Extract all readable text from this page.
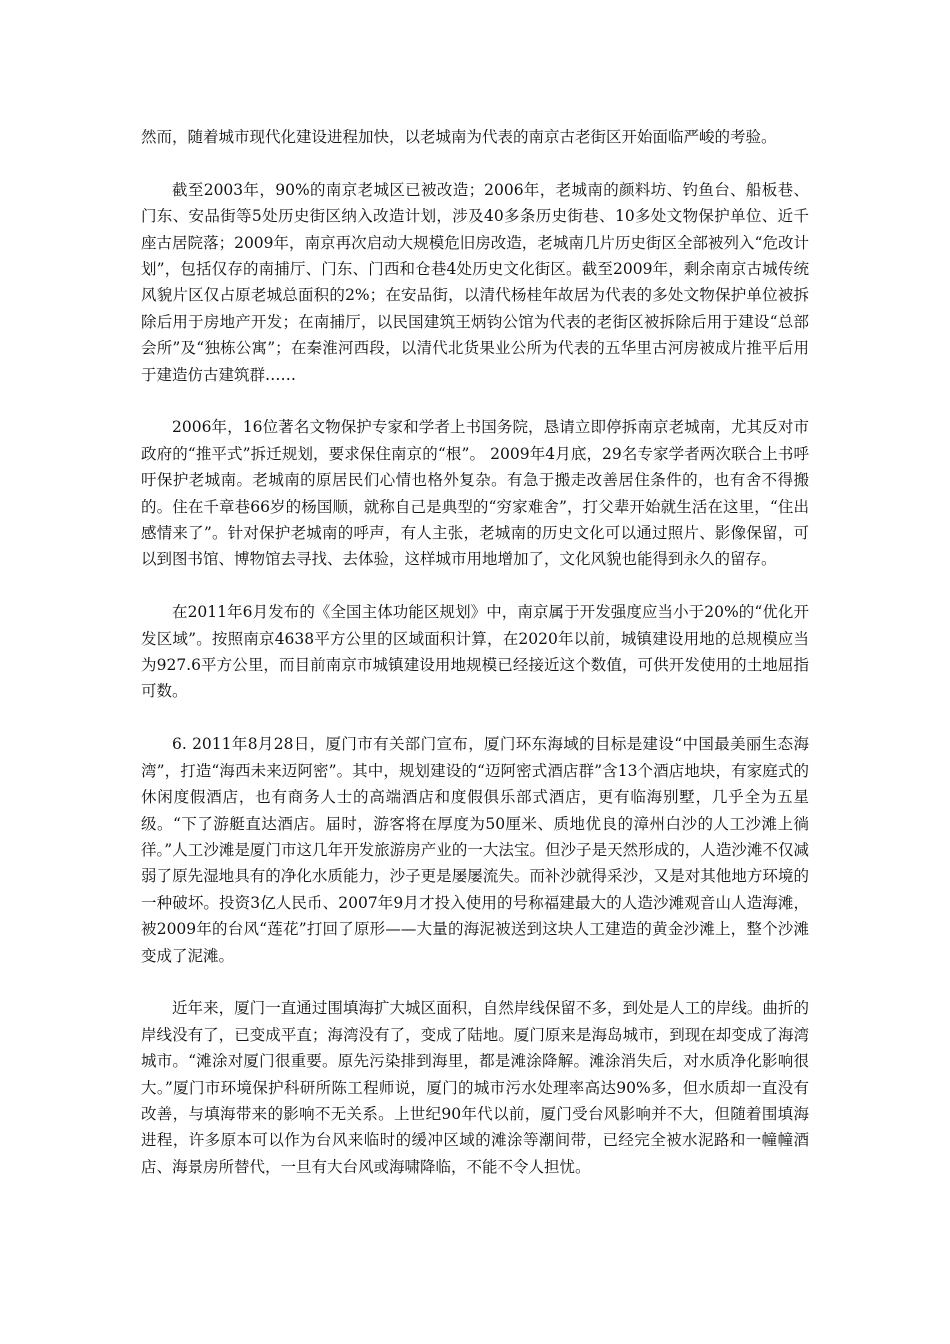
然而，随着城市现代化建设进程加快，以老城南为代表的南京古老街区开始面临严峻的考验。

截至2003年，90%的南京老城区已被改造；2006年，老城南的颜料坊、钓鱼台、船板巷、门东、安品街等5处历史街区纳入改造计划，涉及40多条历史街巷、10多处文物保护单位、近千座古居院落；2009年，南京再次启动大规模危旧房改造，老城南几片历史街区全部被列入“危改计划”，包括仅存的南捕厅、门东、门西和仓巷4处历史文化街区。截至2009年，剩余南京古城传统风貌片区仅占原老城总面积的2%；在安品街，以清代杨桂年故居为代表的多处文物保护单位被拆除后用于房地产开发；在南捕厅，以民国建筑王炳钧公馆为代表的老街区被拆除后用于建设“总部会所”及“独栋公寓”；在秦淮河西段，以清代北货果业公所为代表的五华里古河房被成片推平后用于建造仿古建筑群……

2006年，16位著名文物保护专家和学者上书国务院，恳请立即停拆南京老城南，尤其反对市政府的“推平式”拆迁规划，要求保住南京的“根”。 2009年4月底，29名专家学者两次联合上书呼吁保护老城南。老城南的原居民们心情也格外复杂。有急于搬走改善居住条件的，也有舍不得搬的。住在千章巷66岁的杨国顺，就称自己是典型的“穷家难舍”，打父辈开始就生活在这里，“住出感情来了”。针对保护老城南的呼声，有人主张，老城南的历史文化可以通过照片、影像保留，可以到图书馆、博物馆去寻找、去体验，这样城市用地增加了，文化风貌也能得到永久的留存。

在2011年6月发布的《全国主体功能区规划》中，南京属于开发强度应当小于20%的“优化开发区域”。按照南京4638平方公里的区域面积计算，在2020年以前，城镇建设用地的总规模应当为927.6平方公里，而目前南京市城镇建设用地规模已经接近这个数值，可供开发使用的土地屈指可数。

6. 2011年8月28日，厦门市有关部门宣布，厦门环东海域的目标是建设“中国最美丽生态海湾”，打造“海西未来迈阿密”。其中，规划建设的“迈阿密式酒店群”含13个酒店地块，有家庭式的休闲度假酒店，也有商务人士的高端酒店和度假俱乐部式酒店，更有临海别墅，几乎全为五星级。“下了游艇直达酒店。届时，游客将在厚度为50厘米、质地优良的漳州白沙的人工沙滩上徜徉。”人工沙滩是厦门市这几年开发旅游房产业的一大法宝。但沙子是天然形成的，人造沙滩不仅减弱了原先湿地具有的净化水质能力，沙子更是屡屡流失。而补沙就得采沙，又是对其他地方环境的一种破坏。投资3亿人民币、2007年9月才投入使用的号称福建最大的人造沙滩观音山人造海滩，被2009年的台风“莲花”打回了原形——大量的海泥被送到这块人工建造的黄金沙滩上，整个沙滩变成了泥滩。

近年来，厦门一直通过围填海扩大城区面积，自然岸线保留不多，到处是人工的岸线。曲折的岸线没有了，已变成平直；海湾没有了，变成了陆地。厦门原来是海岛城市，到现在却变成了海湾城市。“滩涂对厦门很重要。原先污染排到海里，都是滩涂降解。滩涂消失后，对水质净化影响很大。”厦门市环境保护科研所陈工程师说，厦门的城市污水处理率高达90%多，但水质却一直没有改善，与填海带来的影响不无关系。上世纪90年代以前，厦门受台风影响并不大，但随着围填海进程，许多原本可以作为台风来临时的缓冲区域的滩涂等潮间带，已经完全被水泥路和一幢幢酒店、海景房所替代，一旦有大台风或海啸降临，不能不令人担忧。
